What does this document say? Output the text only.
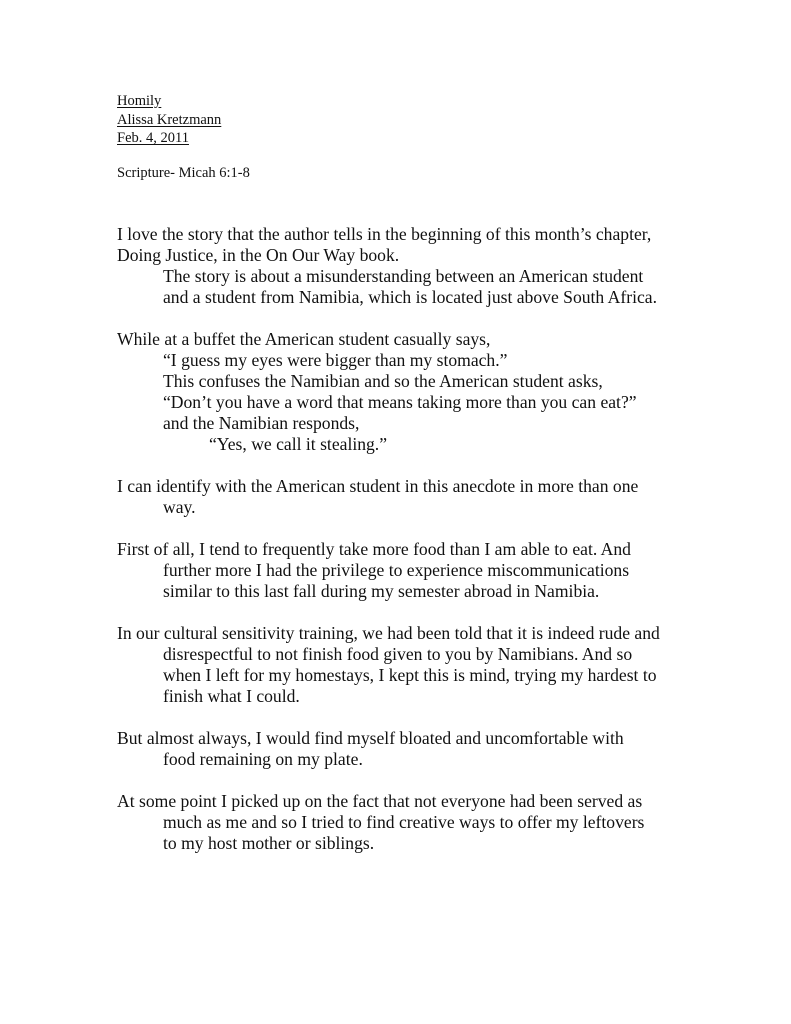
Homily
Alissa Kretzmann
Feb. 4, 2011
Scripture- Micah 6:1-8
I love the story that the author tells in the beginning of this month’s chapter,
Doing Justice, in the On Our Way book.
The story is about a misunderstanding between an American student
and a student from Namibia, which is located just above South Africa.
While at a buffet the American student casually says,
“I guess my eyes were bigger than my stomach.”
This confuses the Namibian and so the American student asks,
“Don’t you have a word that means taking more than you can eat?”
and the Namibian responds,
“Yes, we call it stealing.”
I can identify with the American student in this anecdote in more than one
way.
First of all, I tend to frequently take more food than I am able to eat. And
further more I had the privilege to experience miscommunications
similar to this last fall during my semester abroad in Namibia.
In our cultural sensitivity training, we had been told that it is indeed rude and
disrespectful to not finish food given to you by Namibians. And so
when I left for my homestays, I kept this is mind, trying my hardest to
finish what I could.
But almost always, I would find myself bloated and uncomfortable with
food remaining on my plate.
At some point I picked up on the fact that not everyone had been served as
much as me and so I tried to find creative ways to offer my leftovers
to my host mother or siblings.
